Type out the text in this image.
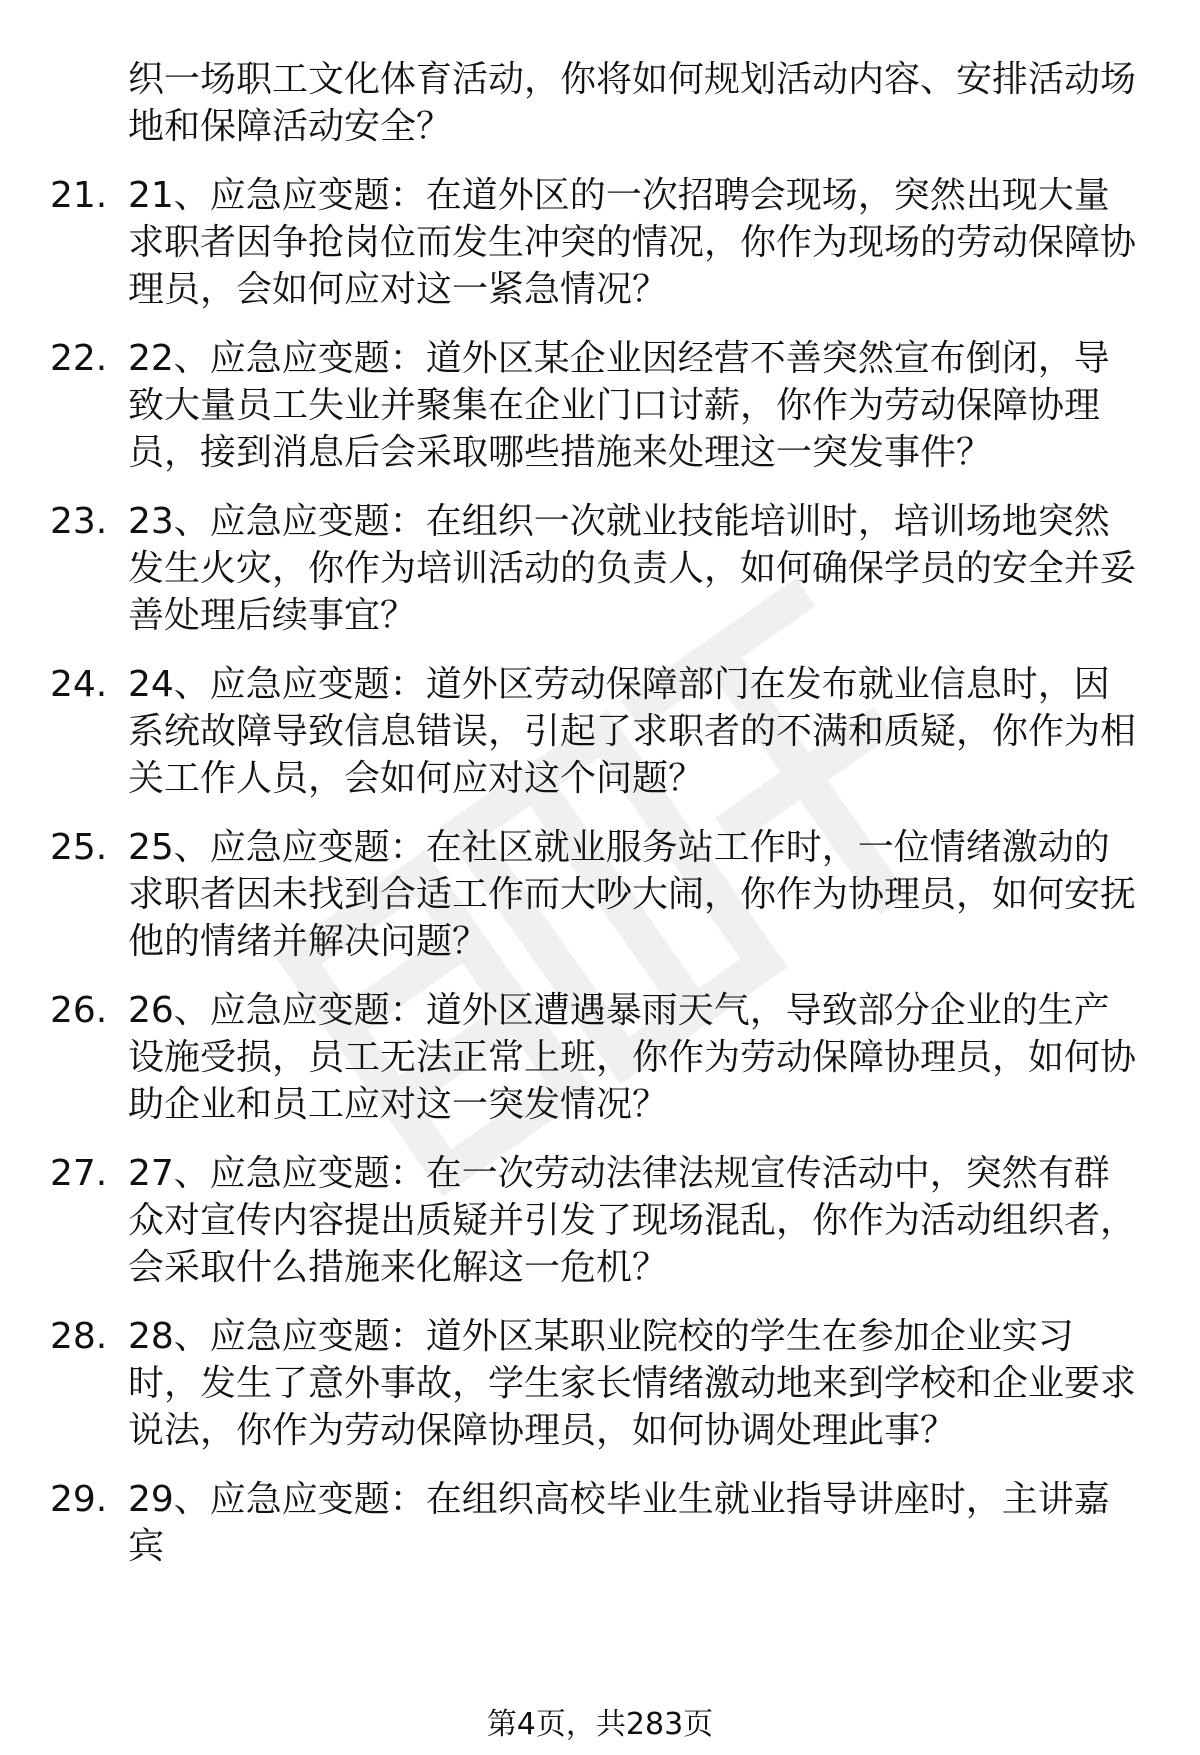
织一场职工文化体育活动，你将如何规划活动内容、安排活动场地和保障活动安全？
21. 21、应急应变题：在道外区的一次招聘会现场，突然出现大量求职者因争抢岗位而发生冲突的情况，你作为现场的劳动保障协理员，会如何应对这一紧急情况？
22. 22、应急应变题：道外区某企业因经营不善突然宣布倒闭，导致大量员工失业并聚集在企业门口讨薪，你作为劳动保障协理员，接到消息后会采取哪些措施来处理这一突发事件？
23. 23、应急应变题：在组织一次就业技能培训时，培训场地突然发生火灾，你作为培训活动的负责人，如何确保学员的安全并妥善处理后续事宜？
24. 24、应急应变题：道外区劳动保障部门在发布就业信息时，因系统故障导致信息错误，引起了求职者的不满和质疑，你作为相关工作人员，会如何应对这个问题？
25. 25、应急应变题：在社区就业服务站工作时，一位情绪激动的求职者因未找到合适工作而大吵大闹，你作为协理员，如何安抚他的情绪并解决问题？
26. 26、应急应变题：道外区遭遇暴雨天气，导致部分企业的生产设施受损，员工无法正常上班，你作为劳动保障协理员，如何协助企业和员工应对这一突发情况？
27. 27、应急应变题：在一次劳动法律法规宣传活动中，突然有群众对宣传内容提出质疑并引发了现场混乱，你作为活动组织者，会采取什么措施来化解这一危机？
28. 28、应急应变题：道外区某职业院校的学生在参加企业实习时，发生了意外事故，学生家长情绪激动地来到学校和企业要求说法，你作为劳动保障协理员，如何协调处理此事？
29. 29、应急应变题：在组织高校毕业生就业指导讲座时，主讲嘉宾
第4页，共283页
